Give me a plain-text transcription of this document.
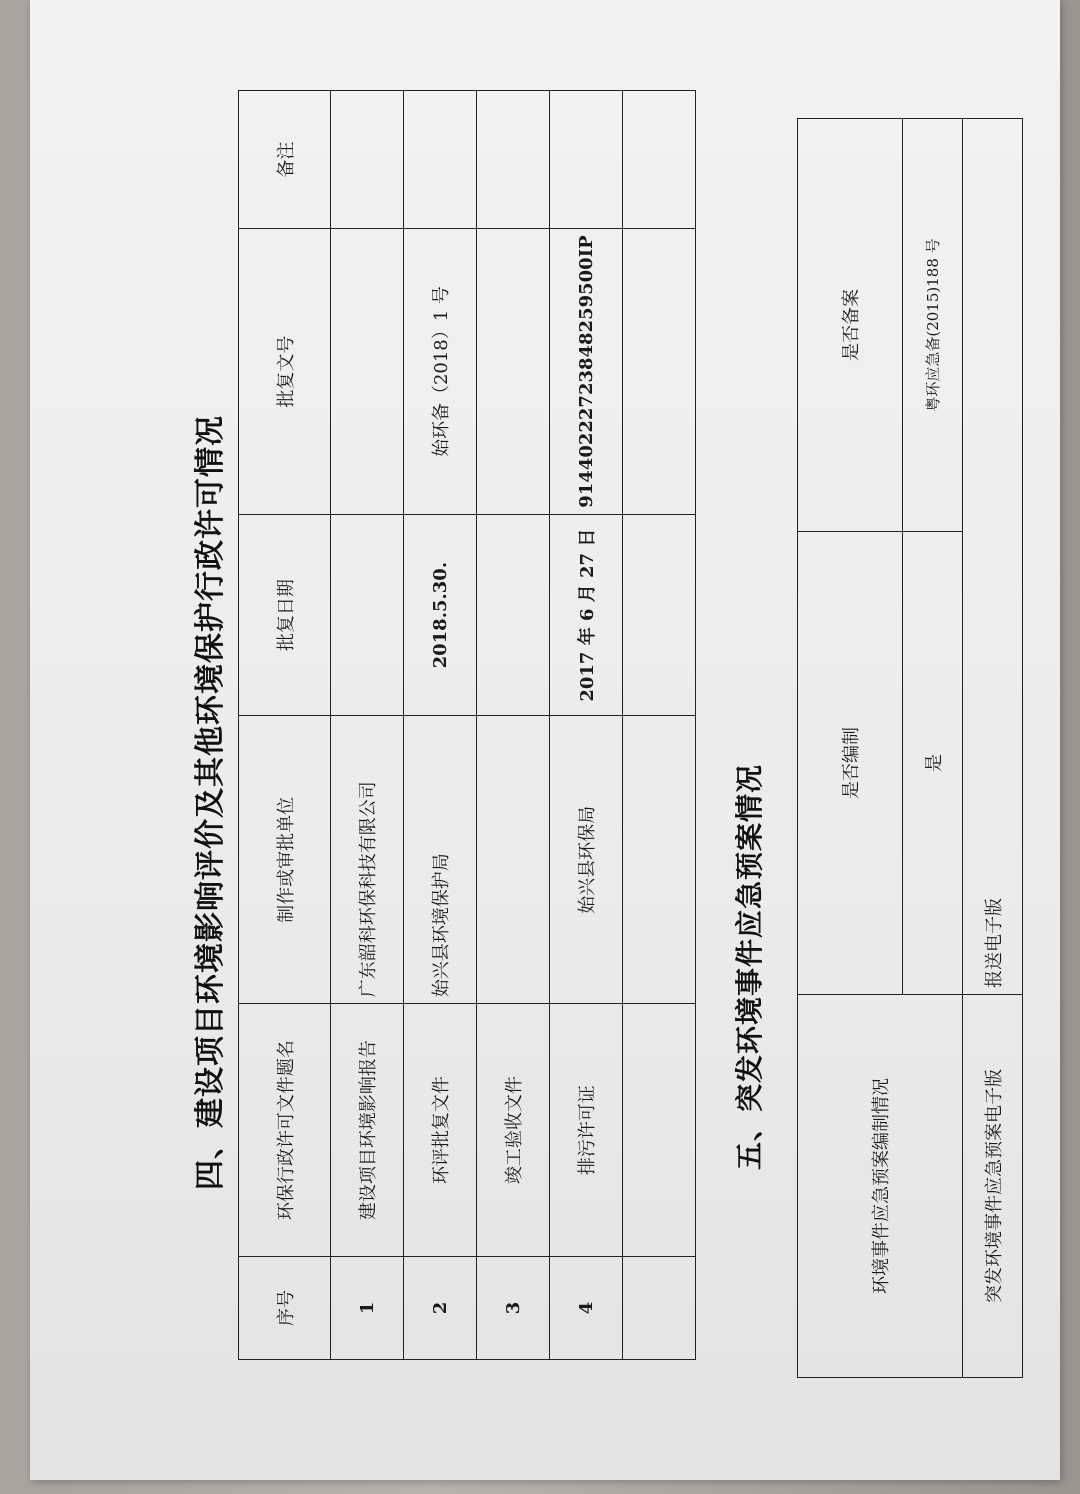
四、建设项目环境影响评价及其他环境保护行政许可情况
序号	环保行政许可文件题名	制作或审批单位	批复日期	批复文号	备注
1	建设项目环境影响报告	广东韶科环保科技有限公司			
2	环评批复文件	始兴县环境保护局	2018.5.30.	始环备（2018）1 号	
3	竣工验收文件				
4	排污许可证	始兴县环保局	2017 年 6 月 27 日	91440222723848259500IP	

五、突发环境事件应急预案情况
环境事件应急预案编制情况	是否编制	是否备案
	是	粤环应急备(2015)188 号
突发环境事件应急预案电子版	报送电子版	
